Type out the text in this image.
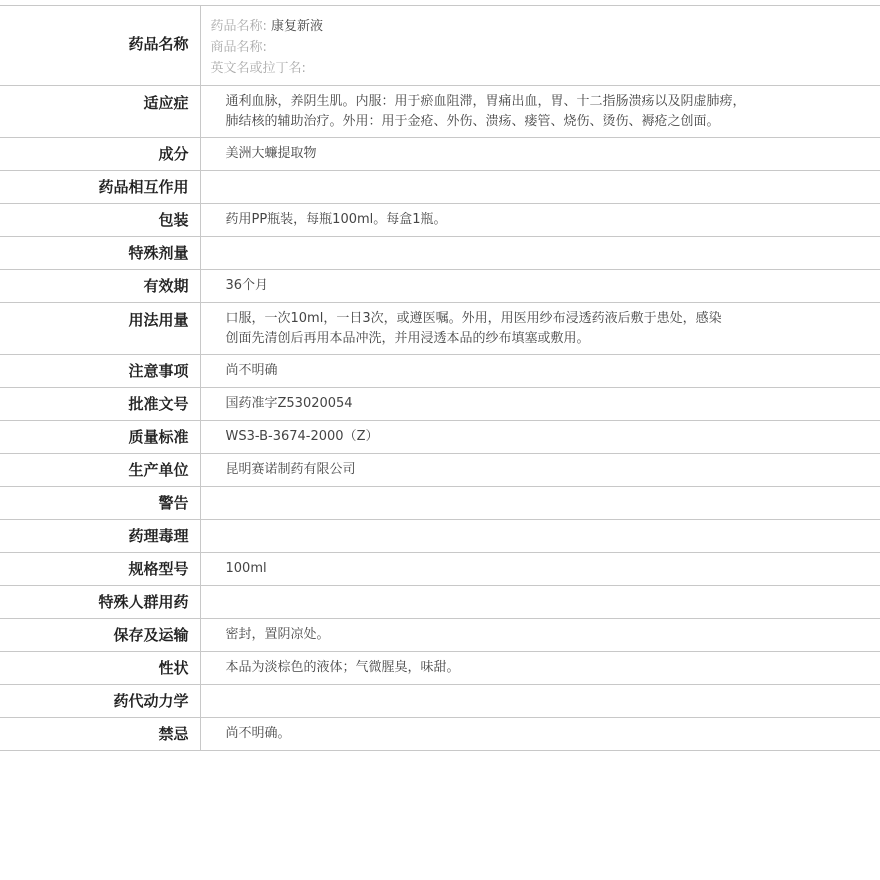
药品名称	药品名称: 康复新液
商品名称:
英文名或拉丁名:

适应症	通利血脉，养阴生肌。内服：用于瘀血阻滞，胃痛出血，胃、十二指肠溃疡以及阴虚肺痨，
肺结核的辅助治疗。外用：用于金疮、外伤、溃疡、瘘管、烧伤、烫伤、褥疮之创面。

成分	美洲大蠊提取物

药品相互作用	

包装	药用PP瓶装，每瓶100ml。每盒1瓶。

特殊剂量	

有效期	36个月

用法用量	口服，一次10ml，一日3次，或遵医嘱。外用，用医用纱布浸透药液后敷于患处，感染
创面先清创后再用本品冲洗，并用浸透本品的纱布填塞或敷用。

注意事项	尚不明确

批准文号	国药准字Z53020054

质量标准	WS3-B-3674-2000（Z）

生产单位	昆明赛诺制药有限公司

警告	

药理毒理	

规格型号	100ml

特殊人群用药	

保存及运输	密封，置阴凉处。

性状	本品为淡棕色的液体；气微腥臭，味甜。

药代动力学	

禁忌	尚不明确。
